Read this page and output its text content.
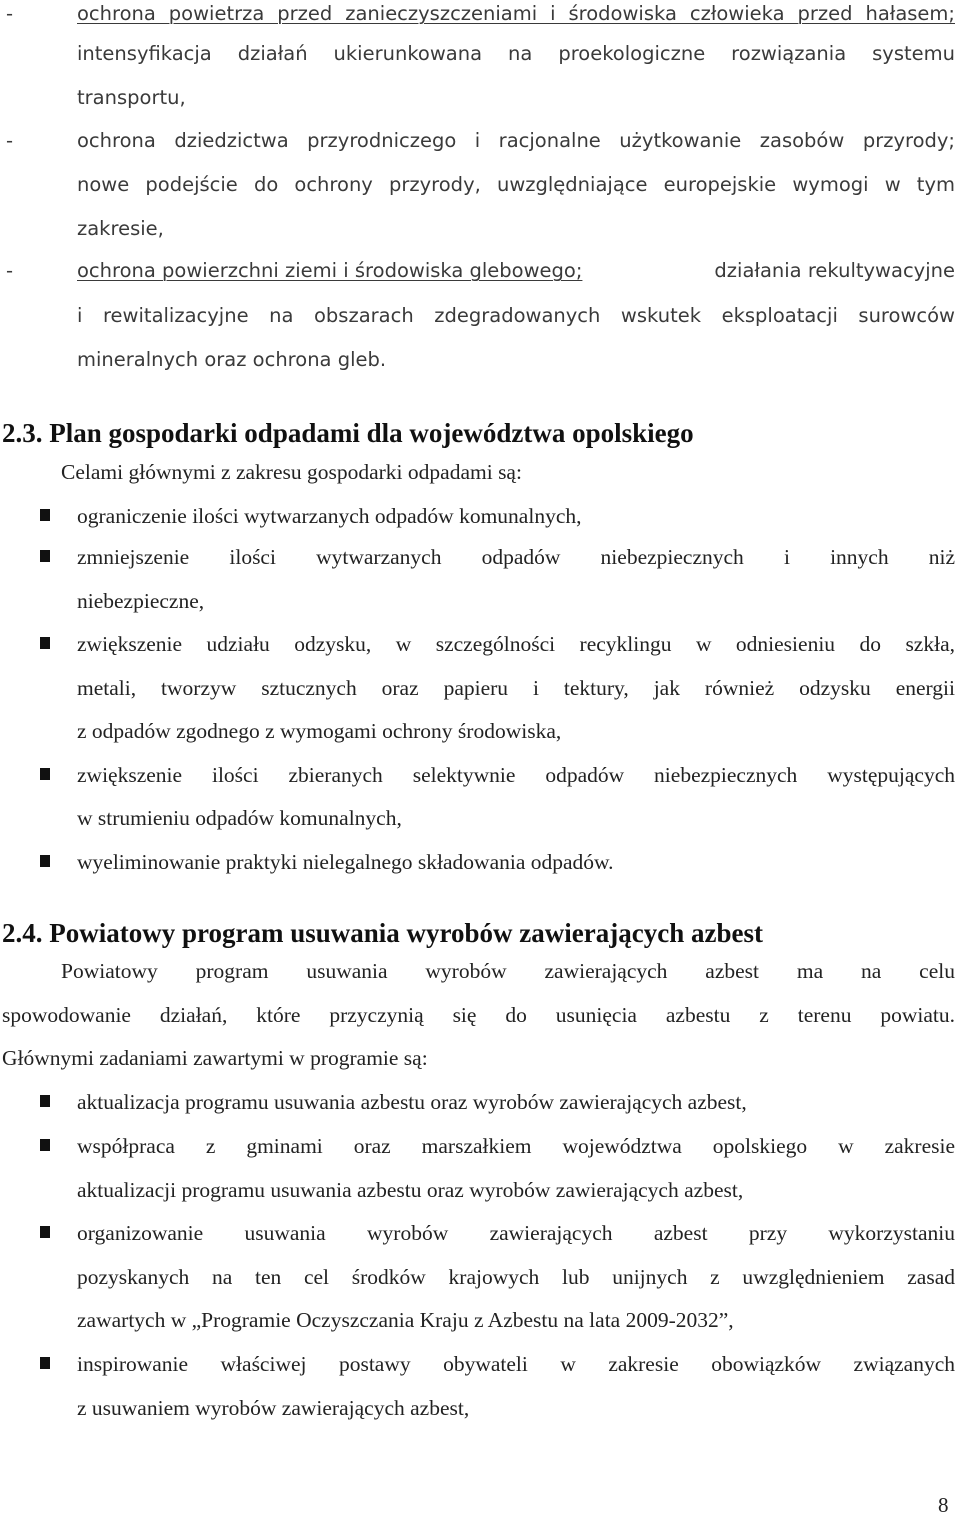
-	ochrona powietrza przed zanieczyszczeniami i środowiska człowieka przed hałasem;
intensyfikacja działań ukierunkowana na proekologiczne rozwiązania systemu
transportu,
-	ochrona dziedzictwa przyrodniczego i racjonalne użytkowanie zasobów przyrody;
nowe podejście do ochrony przyrody, uwzględniające europejskie wymogi w tym
zakresie,
-	ochrona powierzchni ziemi i środowiska glebowego;	działania rekultywacyjne
i rewitalizacyjne na obszarach zdegradowanych wskutek eksploatacji surowców
mineralnych oraz ochrona gleb.
2.3. Plan gospodarki odpadami dla województwa opolskiego
Celami głównymi z zakresu gospodarki odpadami są:
ograniczenie ilości wytwarzanych odpadów komunalnych,
zmniejszenie ilości wytwarzanych odpadów niebezpiecznych i innych niż
niebezpieczne,
zwiększenie udziału odzysku, w szczególności recyklingu w odniesieniu do szkła,
metali, tworzyw sztucznych oraz papieru i tektury, jak również odzysku energii
z odpadów zgodnego z wymogami ochrony środowiska,
zwiększenie ilości zbieranych selektywnie odpadów niebezpiecznych występujących
w strumieniu odpadów komunalnych,
wyeliminowanie praktyki nielegalnego składowania odpadów.
2.4. Powiatowy program usuwania wyrobów zawierających azbest
Powiatowy program usuwania wyrobów zawierających azbest ma na celu
spowodowanie działań, które przyczynią się do usunięcia azbestu z terenu powiatu.
Głównymi zadaniami zawartymi w programie są:
aktualizacja programu usuwania azbestu oraz wyrobów zawierających azbest,
współpraca z gminami oraz marszałkiem województwa opolskiego w zakresie
aktualizacji programu usuwania azbestu oraz wyrobów zawierających azbest,
organizowanie usuwania wyrobów zawierających azbest przy wykorzystaniu
pozyskanych na ten cel środków krajowych lub unijnych z uwzględnieniem zasad
zawartych w „Programie Oczyszczania Kraju z Azbestu na lata 2009-2032”,
inspirowanie właściwej postawy obywateli w zakresie obowiązków związanych
z usuwaniem wyrobów zawierających azbest,
8
